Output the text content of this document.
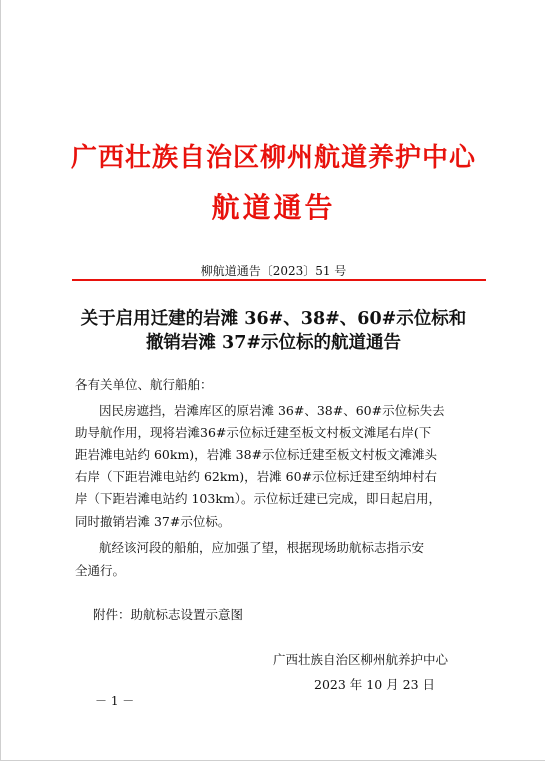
广西壮族自治区柳州航道养护中心
航道通告
柳航道通告〔2023〕51 号
关于启用迁建的岩滩 36#、38#、60#示位标和
撤销岩滩 37#示位标的航道通告
各有关单位、航行船舶：
因民房遮挡，岩滩库区的原岩滩 36#、38#、60#示位标失去
助导航作用，现将岩滩36#示位标迁建至板文村板文滩尾右岸(下
距岩滩电站约 60km)，岩滩 38#示位标迁建至板文村板文滩滩头
右岸（下距岩滩电站约 62km)，岩滩 60#示位标迁建至纳坤村右
岸（下距岩滩电站约 103km）。示位标迁建已完成，即日起启用，
同时撤销岩滩 37#示位标。
航经该河段的船舶，应加强了望，根据现场助航标志指示安
全通行。
附件：助航标志设置示意图
广西壮族自治区柳州航养护中心
2023 年 10 月 23 日
－ 1 －
